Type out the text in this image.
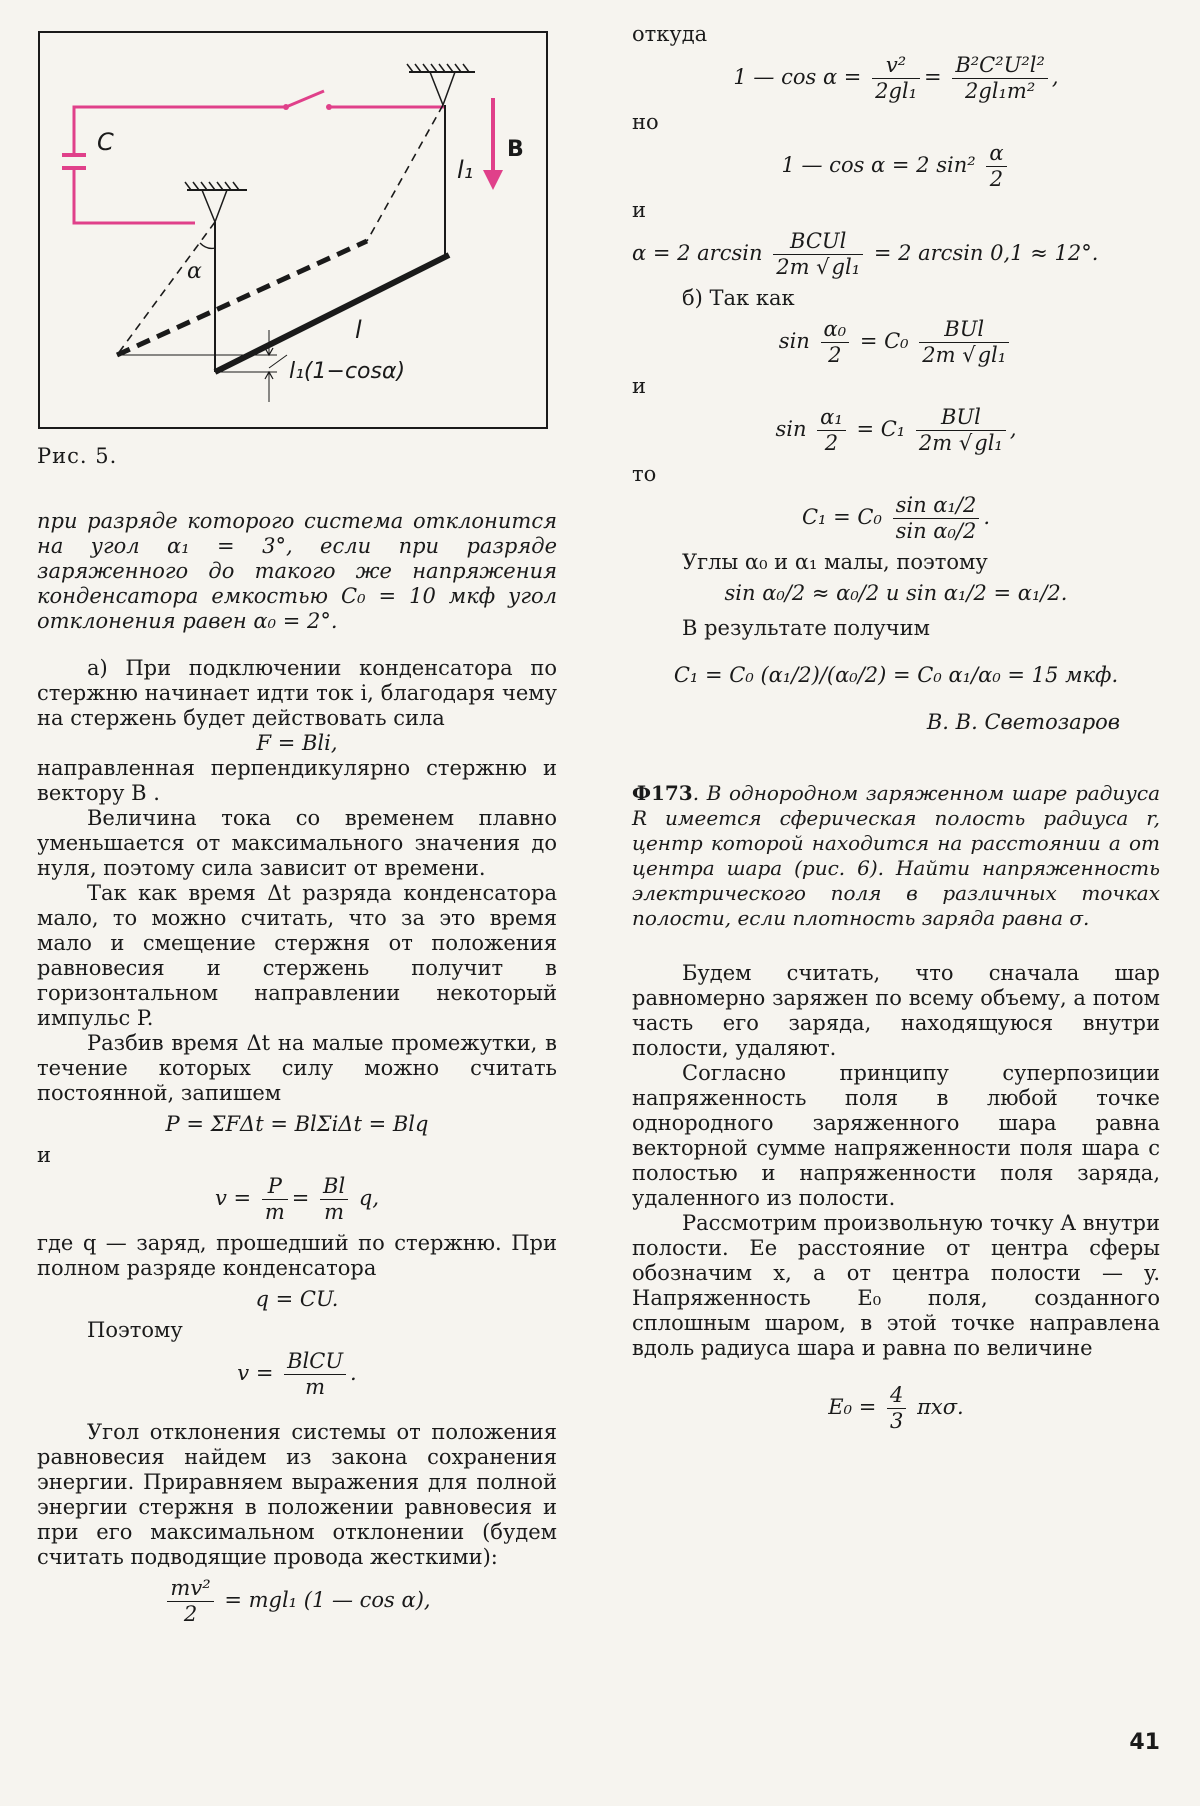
C	B
l₁
α
l
l₁(1−cosα)
Рис. 5.

при разряде которого система отклонится на угол α₁ = 3°, если при разряде заряженного до такого же напряжения конденсатора емкостью C₀ = 10 мкф угол отклонения равен α₀ = 2°.

а) При подключении конденсатора по стержню начинает идти ток i, благодаря чему на стержень будет действовать сила

F = Bli,

направленная перпендикулярно стержню и вектору B .

Величина тока со временем плавно уменьшается от максимального значения до нуля, поэтому сила зависит от времени.

Так как время Δt разряда конденсатора мало, то можно считать, что за это время мало и смещение стержня от положения равновесия и стержень получит в горизонтальном направлении некоторый импульс P.

Разбив время Δt на малые промежутки, в течение которых силу можно считать постоянной, запишем

P = ΣFΔt = BlΣiΔt = Blq
и
$v = \frac{P}{m} = \frac{Bl}{m} q$,

где q — заряд, прошедший по стержню. При полном разряде конденсатора

q = CU.

Поэтому

$v = \frac{\text{BlCU}}{m}$ .

Угол отклонения системы от положения равновесия найдем из закона сохранения энергии. Приравняем выражения для полной энергии стержня в положении равновесия и при его максимальном отклонении (будем считать подводящие провода жесткими):

$\frac{\text{mv²}}{2} = mgl_1$ (1 — cos α),
откуда
1 — $\cos \alpha = \frac{\text{v²}}{\text{2gl₁}} = \frac{\text{B²C²U²l²}}{\text{2gl₁m²}}$ ,
но
1 — cos α = 2 $\sin^2 \frac{\alpha}{2}$
и
α = 2 $\arcsin \frac{\text{BCUl}}{\text{2m √gl₁}} = 2$ arcsin 0,1 ≈ 12°.

б) Так как

$\sin \frac{\text{α₀}}{2} = C_0 \frac{\text{BUl}}{\text{2m √gl₁}}$
и
$\sin \frac{\text{α₁}}{2} = C_1 \frac{\text{BUl}}{\text{2m √gl₁}}$ ,
то
$C_1 = C_0 \frac{\text{sin α₁/2}}{\text{sin α₀/2}}$ .

Углы α₀ и α₁ малы, поэтому

sin α₀/2 ≈ α₀/2 и sin α₁/2 = α₁/2.

В результате получим

C₁ = C₀ (α₁/2)/(α₀/2) = C₀ α₁/α₀ = 15 мкф.
В. В. Светозаров

Ф173. В однородном заряженном шаре радиуса R имеется сферическая полость радиуса r, центр которой находится на расстоянии a от центра шара (рис. 6). Найти напряженность электрического поля в различных точках полости, если плотность заряда равна σ.

Будем считать, что сначала шар равномерно заряжен по всему объему, а потом часть его заряда, находящуюся внутри полости, удаляют.

Согласно принципу суперпозиции напряженность поля в любой точке однородного заряженного шара равна векторной сумме напряженности поля шара с полостью и напряженности поля заряда, удаленного из полости.

Рассмотрим произвольную точку A внутри полости. Ее расстояние от центра сферы обозначим x, а от центра полости — y. Напряженность E₀ поля, созданного сплошным шаром, в этой точке направлена вдоль радиуса шара и равна по величине

$E_0 = \frac{4}{3} \pi x\sigma$.
41
